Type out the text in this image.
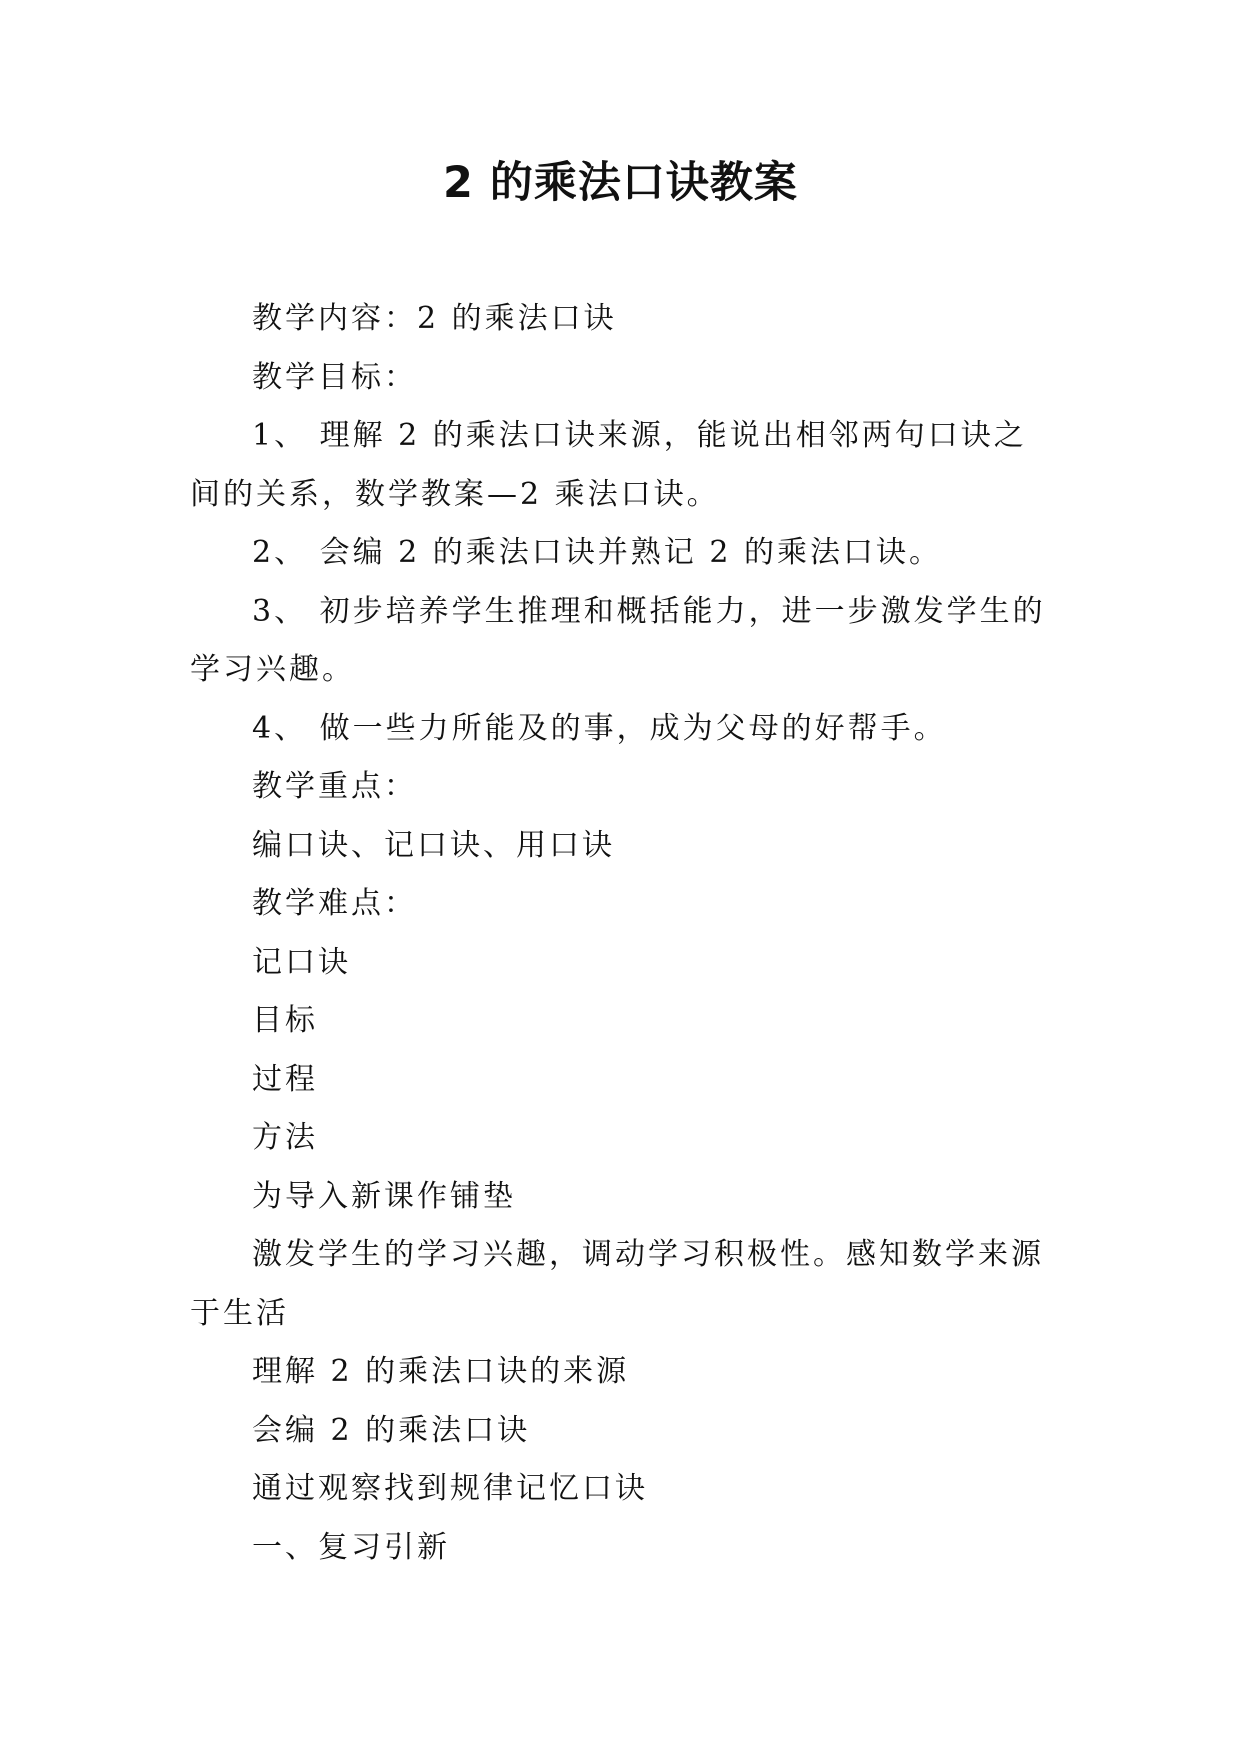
2 的乘法口诀教案

教学内容：2 的乘法口诀

教学目标：

1、 理解 2 的乘法口诀来源，能说出相邻两句口诀之间的关系，数学教案—2 乘法口诀。

2、 会编 2 的乘法口诀并熟记 2 的乘法口诀。

3、 初步培养学生推理和概括能力，进一步激发学生的学习兴趣。

4、 做一些力所能及的事，成为父母的好帮手。

教学重点：

编口诀、记口诀、用口诀

教学难点：

记口诀

目标

过程

方法

为导入新课作铺垫

激发学生的学习兴趣，调动学习积极性。感知数学来源于生活

理解 2 的乘法口诀的来源

会编 2 的乘法口诀

通过观察找到规律记忆口诀

一、复习引新
